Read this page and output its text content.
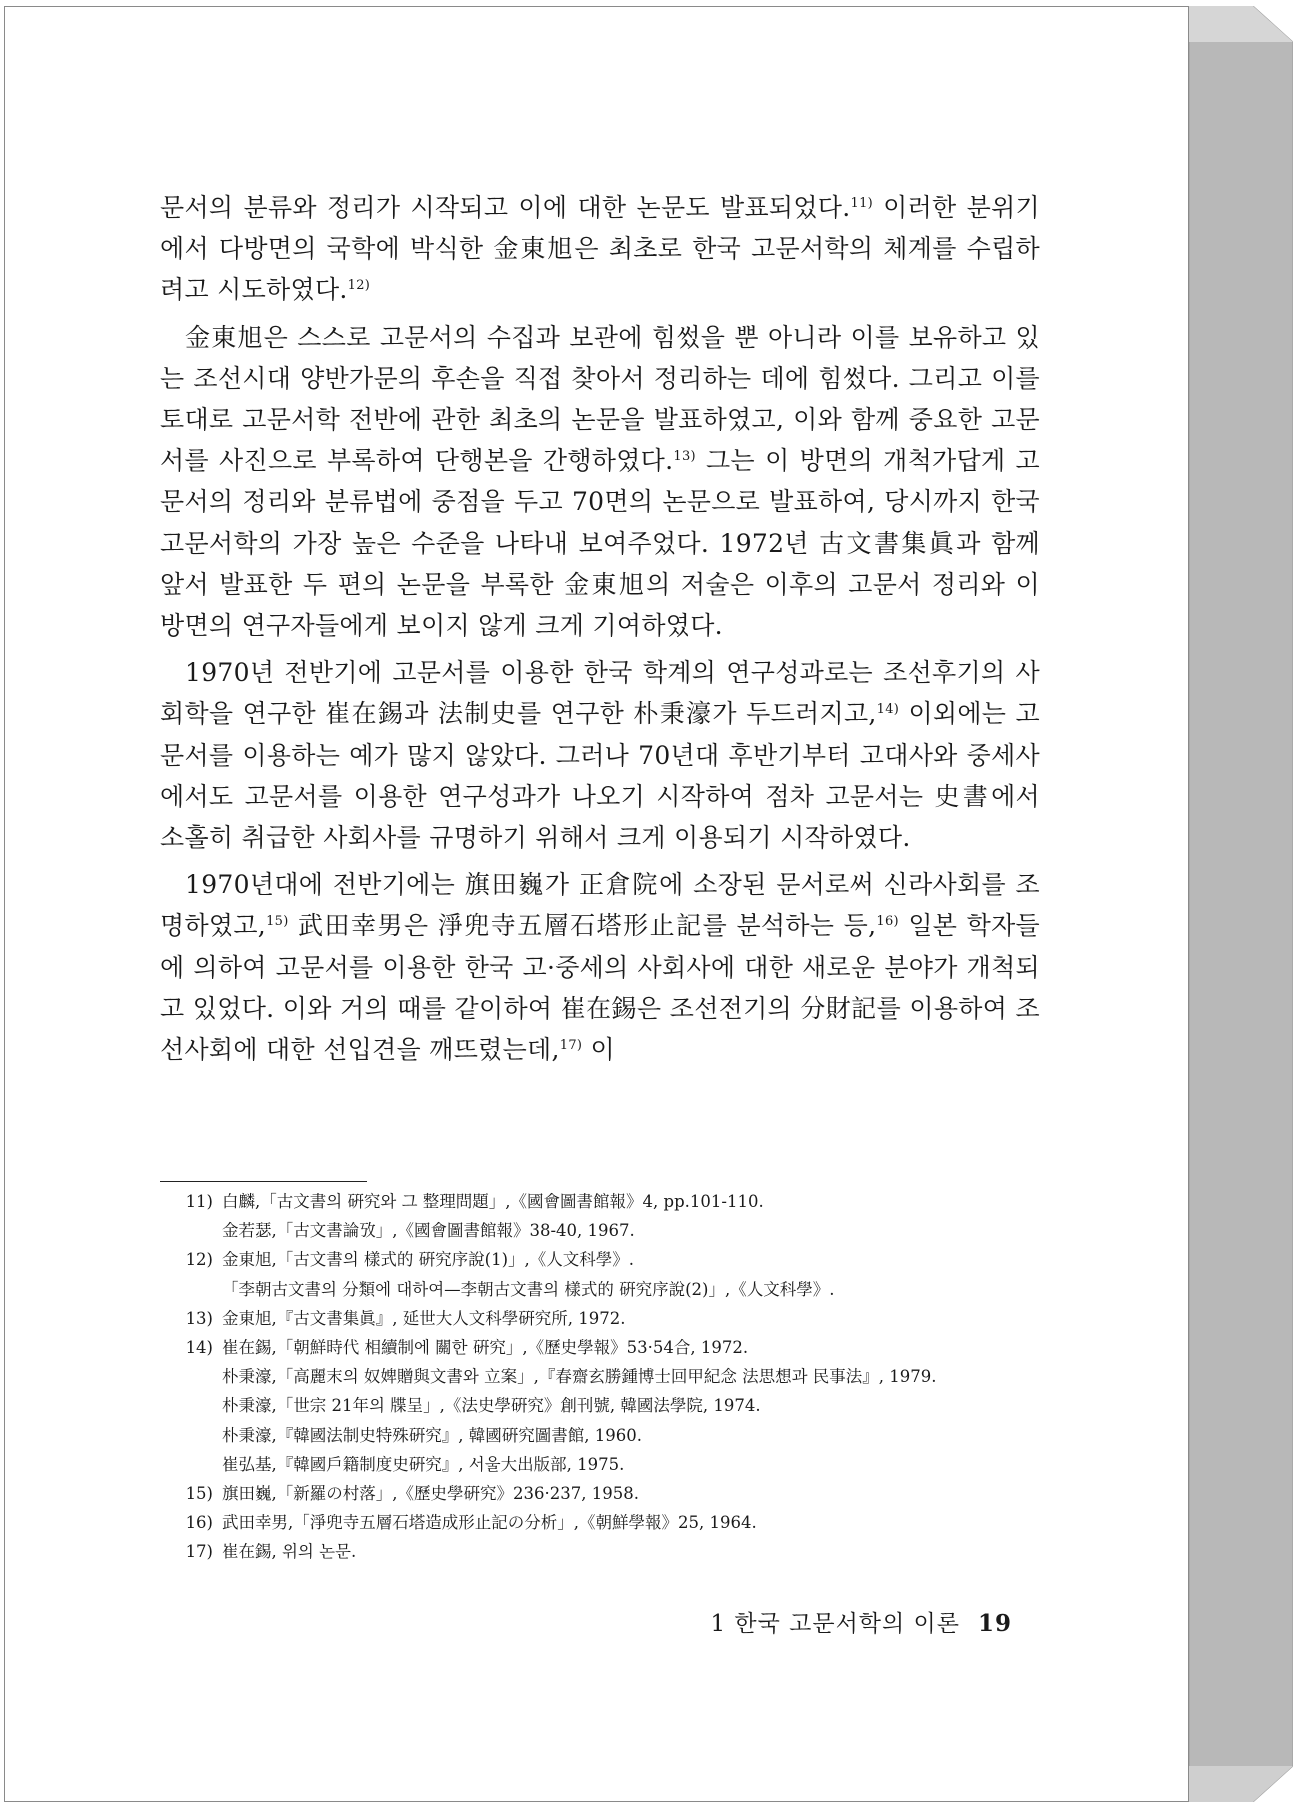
문서의 분류와 정리가 시작되고 이에 대한 논문도 발표되었다.$^{11)}$ 이러한 분위기에서 다방면의 국학에 박식한 金東旭은 최초로 한국 고문서학의 체계를 수립하려고 시도하였다.$^{12)}$

金東旭은 스스로 고문서의 수집과 보관에 힘썼을 뿐 아니라 이를 보유하고 있는 조선시대 양반가문의 후손을 직접 찾아서 정리하는 데에 힘썼다. 그리고 이를 토대로 고문서학 전반에 관한 최초의 논문을 발표하였고, 이와 함께 중요한 고문서를 사진으로 부록하여 단행본을 간행하였다.$^{13)}$ 그는 이 방면의 개척가답게 고문서의 정리와 분류법에 중점을 두고 70면의 논문으로 발표하여, 당시까지 한국고문서학의 가장 높은 수준을 나타내 보여주었다. 1972년 古文書集眞과 함께 앞서 발표한 두 편의 논문을 부록한 金東旭의 저술은 이후의 고문서 정리와 이 방면의 연구자들에게 보이지 않게 크게 기여하였다.

1970년 전반기에 고문서를 이용한 한국 학계의 연구성과로는 조선후기의 사회학을 연구한 崔在錫과 法制史를 연구한 朴秉濠가 두드러지고,$^{14)}$ 이외에는 고문서를 이용하는 예가 많지 않았다. 그러나 70년대 후반기부터 고대사와 중세사에서도 고문서를 이용한 연구성과가 나오기 시작하여 점차 고문서는 史書에서 소홀히 취급한 사회사를 규명하기 위해서 크게 이용되기 시작하였다.

1970년대에 전반기에는 旗田巍가 正倉院에 소장된 문서로써 신라사회를 조명하였고,$^{15)}$ 武田幸男은 淨兜寺五層石塔形止記를 분석하는 등,$^{16)}$ 일본 학자들에 의하여 고문서를 이용한 한국 고·중세의 사회사에 대한 새로운 분야가 개척되고 있었다. 이와 거의 때를 같이하여 崔在錫은 조선전기의 分財記를 이용하여 조선사회에 대한 선입견을 깨뜨렸는데,$^{17)}$ 이

11) 白麟,「古文書의 硏究와 그 整理問題」,《國會圖書館報》4, pp.101-110.
金若瑟,「古文書論攷」,《國會圖書館報》38-40, 1967.
12) 金東旭,「古文書의 樣式的 硏究序說(1)」,《人文科學》.
「李朝古文書의 分類에 대하여—李朝古文書의 樣式的 硏究序說(2)」,《人文科學》.
13) 金東旭,『古文書集眞』, 延世大人文科學硏究所, 1972.
14) 崔在錫,「朝鮮時代 相續制에 關한 硏究」,《歷史學報》53·54合, 1972.
朴秉濠,「高麗末의 奴婢贈與文書와 立案」,『春齋玄勝鍾博士回甲紀念 法思想과 民事法』, 1979.
朴秉濠,「世宗 21年의 牒呈」,《法史學硏究》創刊號, 韓國法學院, 1974.
朴秉濠,『韓國法制史特殊硏究』, 韓國硏究圖書館, 1960.
崔弘基,『韓國戶籍制度史硏究』, 서울大出版部, 1975.
15) 旗田巍,「新羅の村落」,《歷史學硏究》236·237, 1958.
16) 武田幸男,「淨兜寺五層石塔造成形止記の分析」,《朝鮮學報》25, 1964.
17) 崔在錫, 위의 논문.
1 한국 고문서학의 이론 19
